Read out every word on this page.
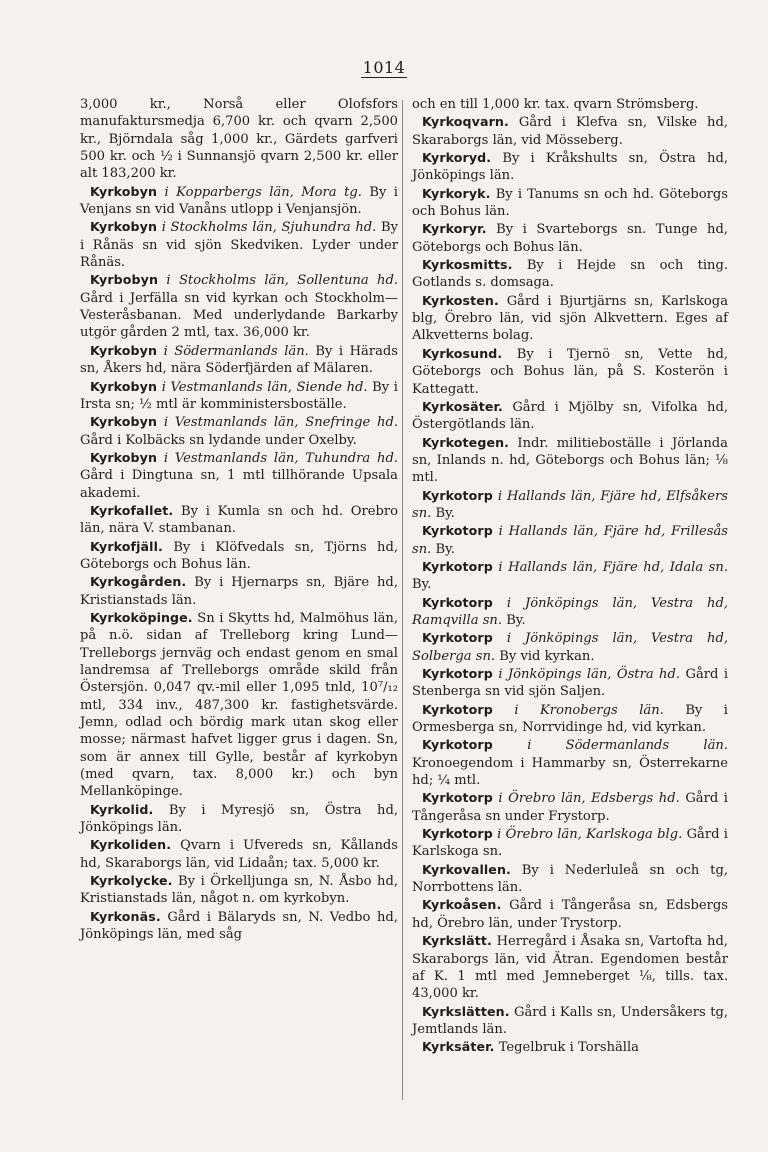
1014

3,000 kr., Norså eller Olofsfors manufaktursmedja 6,700 kr. och qvarn 2,500 kr., Björndala såg 1,000 kr., Gärdets garfveri 500 kr. och ½ i Sunnansjö qvarn 2,500 kr. eller alt 183,200 kr.

Kyrkobyn i Kopparbergs län, Mora tg. By i Venjans sn vid Vanåns utlopp i Venjansjön.

Kyrkobyn i Stockholms län, Sjuhundra hd. By i Rånäs sn vid sjön Skedviken. Lyder under Rånäs.

Kyrbobyn i Stockholms län, Sollentuna hd. Gård i Jerfälla sn vid kyrkan och Stockholm—Vesteråsbanan. Med underlydande Barkarby utgör gården 2 mtl, tax. 36,000 kr.

Kyrkobyn i Södermanlands län. By i Härads sn, Åkers hd, nära Söderfjärden af Mälaren.

Kyrkobyn i Vestmanlands län, Siende hd. By i Irsta sn; ½ mtl är komministersboställe.

Kyrkobyn i Vestmanlands län, Snefringe hd. Gård i Kolbäcks sn lydande under Oxelby.

Kyrkobyn i Vestmanlands län, Tuhundra hd. Gård i Dingtuna sn, 1 mtl tillhörande Upsala akademi.

Kyrkofallet. By i Kumla sn och hd. Orebro län, nära V. stambanan.

Kyrkofjäll. By i Klöfvedals sn, Tjörns hd, Göteborgs och Bohus län.

Kyrkogården. By i Hjernarps sn, Bjäre hd, Kristianstads län.

Kyrkoköpinge. Sn i Skytts hd, Malmöhus län, på n.ö. sidan af Trelleborg kring Lund—Trelleborgs jernväg och endast genom en smal landremsa af Trelleborgs område skild från Östersjön. 0,047 qv.-mil eller 1,095 tnld, 10⁷/₁₂ mtl, 334 inv., 487,300 kr. fastighetsvärde. Jemn, odlad och bördig mark utan skog eller mosse; närmast hafvet ligger grus i dagen. Sn, som är annex till Gylle, består af kyrkobyn (med qvarn, tax. 8,000 kr.) och byn Mellanköpinge.

Kyrkolid. By i Myresjö sn, Östra hd, Jönköpings län.

Kyrkoliden. Qvarn i Ufvereds sn, Kållands hd, Skaraborgs län, vid Lidaån; tax. 5,000 kr.

Kyrkolycke. By i Örkelljunga sn, N. Åsbo hd, Kristianstads län, något n. om kyrkobyn.

Kyrkonäs. Gård i Bälaryds sn, N. Vedbo hd, Jönköpings län, med såg

och en till 1,000 kr. tax. qvarn Strömsberg.

Kyrkoqvarn. Gård i Klefva sn, Vilske hd, Skaraborgs län, vid Mösseberg.

Kyrkoryd. By i Kråkshults sn, Östra hd, Jönköpings län.

Kyrkoryk. By i Tanums sn och hd. Göteborgs och Bohus län.

Kyrkoryr. By i Svarteborgs sn. Tunge hd, Göteborgs och Bohus län.

Kyrkosmitts. By i Hejde sn och ting. Gotlands s. domsaga.

Kyrkosten. Gård i Bjurtjärns sn, Karlskoga blg, Örebro län, vid sjön Alkvettern. Eges af Alkvetterns bolag.

Kyrkosund. By i Tjernö sn, Vette hd, Göteborgs och Bohus län, på S. Kosterön i Kattegatt.

Kyrkosäter. Gård i Mjölby sn, Vifolka hd, Östergötlands län.

Kyrkotegen. Indr. militieboställe i Jörlanda sn, Inlands n. hd, Göteborgs och Bohus län; ⅛ mtl.

Kyrkotorp i Hallands län, Fjäre hd, Elfsåkers sn. By.

Kyrkotorp i Hallands län, Fjäre hd, Frillesås sn. By.

Kyrkotorp i Hallands län, Fjäre hd, Idala sn. By.

Kyrkotorp i Jönköpings län, Vestra hd, Ramqvilla sn. By.

Kyrkotorp i Jönköpings län, Vestra hd, Solberga sn. By vid kyrkan.

Kyrkotorp i Jönköpings län, Östra hd. Gård i Stenberga sn vid sjön Saljen.

Kyrkotorp i Kronobergs län. By i Ormesberga sn, Norrvidinge hd, vid kyrkan.

Kyrkotorp	i Södermanlands län. Kronoegendom i Hammarby sn, Österrekarne hd; ¼ mtl.

Kyrkotorp i Örebro län, Edsbergs hd. Gård i Tångeråsa sn under Frystorp.

Kyrkotorp i Örebro län, Karlskoga blg. Gård i Karlskoga sn.

Kyrkovallen. By i Nederluleå sn och tg, Norrbottens län.

Kyrkoåsen. Gård i Tångeråsa sn, Edsbergs hd, Örebro län, under Trystorp.

Kyrkslätt. Herregård i Åsaka sn, Vartofta hd, Skaraborgs län, vid Ätran. Egendomen består af K. 1 mtl med Jemneberget ⅛, tills. tax. 43,000 kr.

Kyrkslätten. Gård i Kalls sn, Undersåkers tg, Jemtlands län.

Kyrksäter. Tegelbruk i Torshälla
